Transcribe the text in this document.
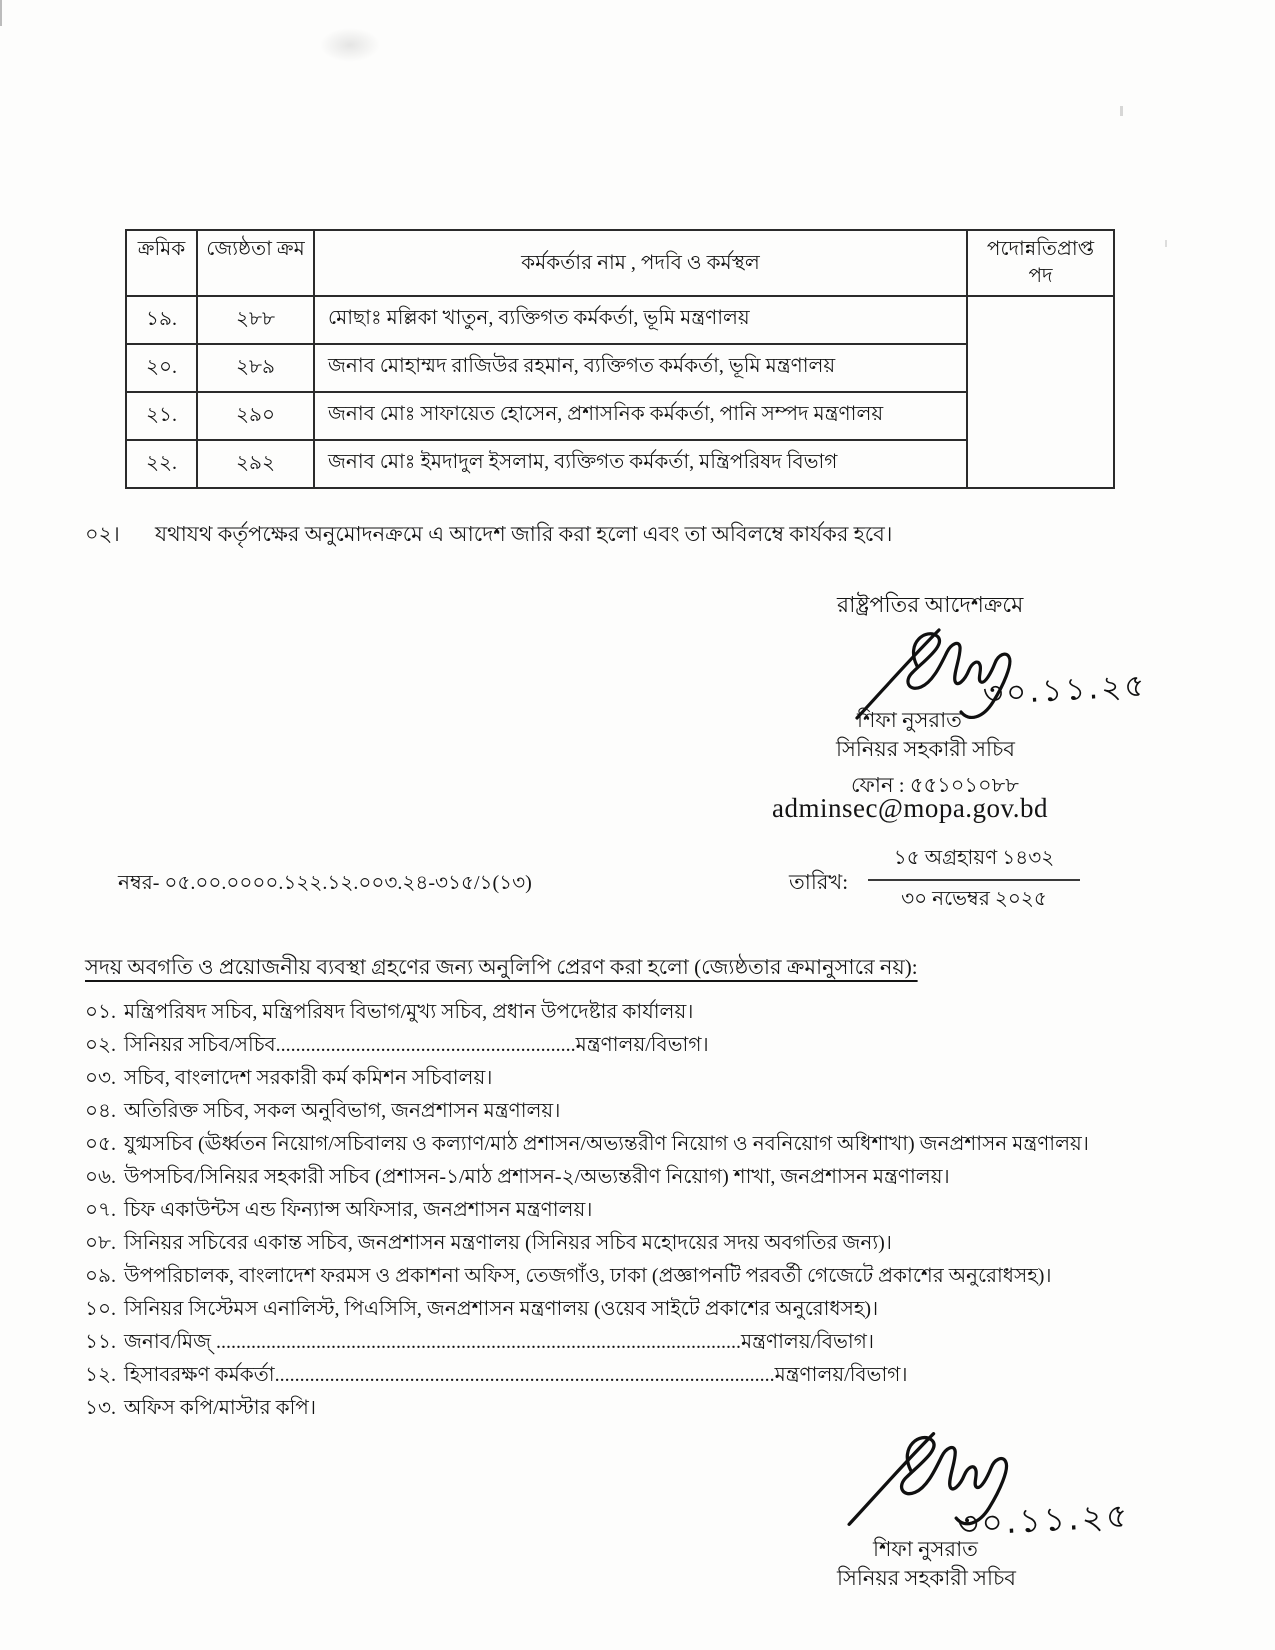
ক্রমিক	জ্যেষ্ঠতা ক্রম	কর্মকর্তার নাম , পদবি ও কর্মস্থল	পদোন্নতিপ্রাপ্ত পদ
১৯.	২৮৮	মোছাঃ মল্লিকা খাতুন, ব্যক্তিগত কর্মকর্তা, ভূমি মন্ত্রণালয়	
২০.	২৮৯	জনাব মোহাম্মদ রাজিউর রহমান, ব্যক্তিগত কর্মকর্তা, ভূমি মন্ত্রণালয়	
২১.	২৯০	জনাব মোঃ সাফায়েত হোসেন, প্রশাসনিক কর্মকর্তা, পানি সম্পদ মন্ত্রণালয়	
২২.	২৯২	জনাব মোঃ ইমদাদুল ইসলাম, ব্যক্তিগত কর্মকর্তা, মন্ত্রিপরিষদ বিভাগ	
০২। যথাযথ কর্তৃপক্ষের অনুমোদনক্রমে এ আদেশ জারি করা হলো এবং তা অবিলম্বে কার্যকর হবে।
রাষ্ট্রপতির আদেশক্রমে
৩০.১১.২৫
শিফা নুসরাত
সিনিয়র সহকারী সচিব
ফোন : ৫৫১০১০৮৮
adminsec@mopa.gov.bd
নম্বর- ০৫.০০.০০০০.১২২.১২.০০৩.২৪-৩১৫/১(১৩)	তারিখ:
১৫ অগ্রহায়ণ ১৪৩২
৩০ নভেম্বর ২০২৫
সদয় অবগতি ও প্রয়োজনীয় ব্যবস্থা গ্রহণের জন্য অনুলিপি প্রেরণ করা হলো (জ্যেষ্ঠতার ক্রমানুসারে নয়):
০১. মন্ত্রিপরিষদ সচিব, মন্ত্রিপরিষদ বিভাগ/মুখ্য সচিব, প্রধান উপদেষ্টার কার্যালয়।
০২. সিনিয়র সচিব/সচিব............................................................মন্ত্রণালয়/বিভাগ।
০৩. সচিব, বাংলাদেশ সরকারী কর্ম কমিশন সচিবালয়।
০৪. অতিরিক্ত সচিব, সকল অনুবিভাগ, জনপ্রশাসন মন্ত্রণালয়।
০৫. যুগ্মসচিব (ঊর্ধ্বতন নিয়োগ/সচিবালয় ও কল্যাণ/মাঠ প্রশাসন/অভ্যন্তরীণ নিয়োগ ও নবনিয়োগ অধিশাখা) জনপ্রশাসন মন্ত্রণালয়।
০৬. উপসচিব/সিনিয়র সহকারী সচিব (প্রশাসন-১/মাঠ প্রশাসন-২/অভ্যন্তরীণ নিয়োগ) শাখা, জনপ্রশাসন মন্ত্রণালয়।
০৭. চিফ একাউন্টস এন্ড ফিন্যান্স অফিসার, জনপ্রশাসন মন্ত্রণালয়।
০৮. সিনিয়র সচিবের একান্ত সচিব, জনপ্রশাসন মন্ত্রণালয় (সিনিয়র সচিব মহোদয়ের সদয় অবগতির জন্য)।
০৯. উপপরিচালক, বাংলাদেশ ফরমস ও প্রকাশনা অফিস, তেজগাঁও, ঢাকা (প্রজ্ঞাপনটি পরবর্তী গেজেটে প্রকাশের অনুরোধসহ)।
১০. সিনিয়র সিস্টেমস এনালিস্ট, পিএসিসি, জনপ্রশাসন মন্ত্রণালয় (ওয়েব সাইটে প্রকাশের অনুরোধসহ)।
১১. জনাব/মিজ্ .........................................................................................................মন্ত্রণালয়/বিভাগ।
১২. হিসাবরক্ষণ কর্মকর্তা....................................................................................................মন্ত্রণালয়/বিভাগ।
১৩. অফিস কপি/মাস্টার কপি।
৩০.১১.২৫
শিফা নুসরাত
সিনিয়র সহকারী সচিব
